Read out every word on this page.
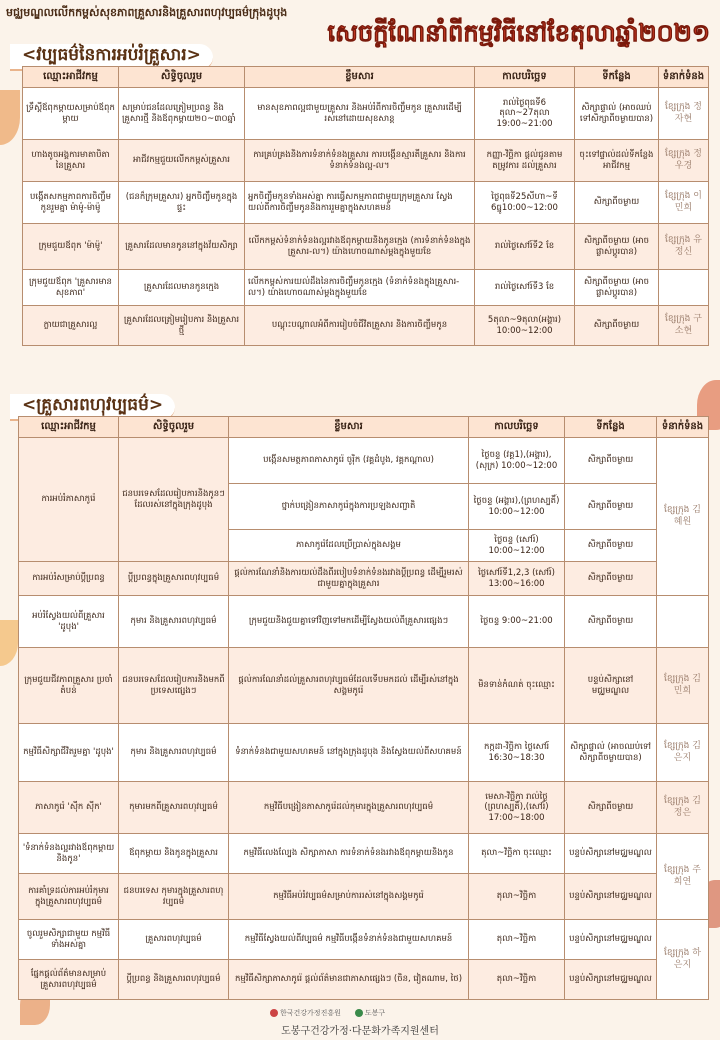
មជ្ឈមណ្ឌលលើកកម្ពស់សុខភាពគ្រួសារនិងគ្រួសារពហុវប្បធម៌ក្រុងដូបុង
សេចក្តីណែនាំពីកម្មវិធីនៅខែតុលាឆ្នាំ២០២១
<វប្បធម៌នៃការអប់រំគ្រួសារ>
ឈ្មោះអាជីវកម្ម	សិទ្ធិចូលរួម	ខ្លឹមសារ	កាលបរិច្ឆេទ	ទីកន្លែង	ទំនាក់ទំនង
ទ្រឹស្តីឪពុកម្តាយសម្រាប់ឪពុកម្តាយ	សម្រាប់ជនដែលត្រៀមប្រពន្ធ និងគ្រួសារថ្មី និងឪពុកម្តាយ២០~៣០ឆ្នាំ	មានសុខភាពល្អជាមួយគ្រួសារ និងអប់រំពីការចិញ្ចឹមកូន គ្រួសារដើម្បីរស់នៅដោយសុខសាន្ត	រាល់ថ្ងៃពុធទី6 តុលា~27តុលា 19:00~21:00	សិក្សាផ្ទាល់ (អាចឈប់ទៅសិក្សាពីចម្ងាយបាន)	ខ្សែក្រុង 정자현
ហាងតូចអង្គការមាតាបិតា នៃគ្រួសារ	អាជីវកម្មជួយលើកកម្ពស់គ្រួសារ	ការគ្រប់គ្រងនិងការទំនាក់ទំនងគ្រួសារ ការបង្កើនស្មារតីគ្រួសារ និងការទំនាក់ទំនងល្អ-ល។	កញ្ញា-វិច្ឆិកា ផ្តល់ជូនតាមតម្រូវការ ដល់គ្រួសារ	ចុះទៅផ្ទាល់ដល់ទីកន្លែងអាជីវកម្ម	ខ្សែក្រុង 정우경
បង្កើតសកម្មភាពការចិញ្ចឹមកូនរួមគ្នា ម៉ាម៉ូ-ម៉ាម៉ូ	(ជនក៏ក្រុមគ្រួសារ) អ្នកចិញ្ចឹមកូនក្នុងផ្ទះ	អ្នកចិញ្ចឹមកូនទាំងអស់គ្នា ការធ្វើសកម្មភាពជាមួយក្រុមគ្រួសារ ស្វែងយល់ពីការចិញ្ចឹមកូននិងការរួមគ្នាក្នុងសហគមន៍	ថ្ងៃពុធទី25សីហា~ទី 6ធ្នូ10:00~12:00	សិក្សាពីចម្ងាយ	ខ្សែក្រុង 이민희
ក្រុមជួយឪពុក 'ម៉ាម៉ូ'	គ្រួសារដែលមានកូននៅក្នុងវ័យសិក្សា	លើកកម្ពស់ទំនាក់ទំនងល្អរវាងឪពុកម្តាយនិងកូនក្មេង (ការទំនាក់ទំនងក្នុងគ្រួសារ-ល។) យ៉ាងហោចណាស់ម្តងក្នុងមួយខែ	រាល់ថ្ងៃសៅរ៍ទី2 ខែ	សិក្សាពីចម្ងាយ (អាចផ្លាស់ប្តូរបាន)	ខ្សែក្រុង 유정신
ក្រុមជួយឪពុក 'គ្រួសារមានសុខភាព'	គ្រួសារដែលមានកូនក្មេង	លើកកម្ពស់ការយល់ដឹងនៃការចិញ្ចឹមកូនក្មេង (ទំនាក់ទំនងក្នុងគ្រួសារ-ល។) យ៉ាងហោចណាស់ម្តងក្នុងមួយខែ	រាល់ថ្ងៃសៅរ៍ទី3 ខែ	សិក្សាពីចម្ងាយ (អាចផ្លាស់ប្តូរបាន)	
ក្លាយជាគ្រួសារល្អ	គ្រួសារដែលត្រៀមរៀបការ និងគ្រួសារថ្មី	បណ្តុះបណ្តាលអំពីការរៀបចំជីវិតគ្រួសារ និងការចិញ្ចឹមកូន	5តុលា~9តុលា(អង្គារ) 10:00~12:00	សិក្សាពីចម្ងាយ	ខ្សែក្រុង 구소현
<គ្រួសារពហុវប្បធម៌>
ឈ្មោះអាជីវកម្ម	សិទ្ធិចូលរួម	ខ្លឹមសារ	កាលបរិច្ឆេទ	ទីកន្លែង	ទំនាក់ទំនង
ការអប់រំភាសាកូរ៉េ	ជនបរទេសដែលរៀបការនិងកូនៗដែលរស់នៅក្នុងក្រុងដូបុង	បង្កើនសមត្ថភាពភាសាកូរ៉េ ចូរ៉ិក (វគ្គដំបូង, វគ្គកណ្តាល)	ថ្ងៃចន្ទ (វគ្គ1),(អង្គារ),(សុក្រ) 10:00~12:00	សិក្សាពីចម្ងាយ	ខ្សែក្រុង 김혜원
		ថ្នាក់បង្រៀនភាសាកូរ៉េក្នុងការប្រឡងសញ្ជាតិ	ថ្ងៃចន្ទ (អង្គារ),(ព្រហស្បតិ៍) 10:00~12:00	សិក្សាពីចម្ងាយ	
		ភាសាកូរ៉េដែលប្រើប្រាស់ក្នុងសង្គម	ថ្ងៃចន្ទ (សៅរ៍) 10:00~12:00	សិក្សាពីចម្ងាយ	
ការអប់រំសម្រាប់ប្តីប្រពន្ធ	ប្តីប្រពន្ធក្នុងគ្រួសារពហុវប្បធម៌	ផ្តល់ការណែនាំនិងការយល់ដឹងពីរបៀបទំនាក់ទំនងរវាងប្តីប្រពន្ធ ដើម្បីរួមរស់ជាមួយគ្នាក្នុងគ្រួសារ	ថ្ងៃសៅរ៍ទី1,2,3 (សៅរ៍) 13:00~16:00	សិក្សាពីចម្ងាយ	
អប់រំស្វែងយល់ពីគ្រួសារ 'ដូបុង'	កុមារ និងគ្រួសារពហុវប្បធម៌	ក្រុមជួយនិងជួយគ្នាទៅវិញទៅមកដើម្បីស្វែងយល់ពីគ្រួសារផ្សេងៗ	ថ្ងៃចន្ទ 9:00~21:00	សិក្សាពីចម្ងាយ	
ក្រុមជួយជីវភាពគ្រួសារ ប្រចាំតំបន់	ជនបរទេសដែលរៀបការនិងមកពីប្រទេសផ្សេងៗ	ផ្តល់ការណែនាំដល់គ្រួសារពហុវប្បធម៌ដែលទើបមកដល់ ដើម្បីរស់នៅក្នុងសង្គមកូរ៉េ	មិនទាន់កំណត់ ចុះឈ្មោះ	បន្ទប់សិក្សានៅ មជ្ឈមណ្ឌល	ខ្សែក្រុង 김민희
កម្មវិធីសិក្សាជីវិតរួមគ្នា 'ដូបុង'	កុមារ និងគ្រួសារពហុវប្បធម៌	ទំនាក់ទំនងជាមួយសហគមន៍ នៅក្នុងក្រុងដូបុង និងស្វែងយល់ពីសហគមន៍	កក្កដា-វិច្ឆិកា ថ្ងៃសៅរ៍ 16:30~18:30	សិក្សាផ្ទាល់ (អាចឈប់ទៅសិក្សាពីចម្ងាយបាន)	ខ្សែក្រុង 김은지
ភាសាកូរ៉េ 'ស៊ីក ស៊ីក'	កុមារមកពីគ្រួសារពហុវប្បធម៌	កម្មវិធីបង្រៀនភាសាកូរ៉េដល់កុមារក្នុងគ្រួសារពហុវប្បធម៌	មេសា-វិច្ឆិកា រាល់ថ្ងៃ (ព្រហស្បតិ៍),(សៅរ៍) 17:00~18:00	សិក្សាពីចម្ងាយ	ខ្សែក្រុង 김정은
'ទំនាក់ទំនងល្អរវាងឪពុកម្តាយ និងកូន'	ឪពុកម្តាយ និងកូនក្នុងគ្រួសារ	កម្មវិធីលេងល្បែង សិក្សាភាសា ការទំនាក់ទំនងរវាងឪពុកម្តាយនិងកូន	តុលា~វិច្ឆិកា ចុះឈ្មោះ	បន្ទប់សិក្សានៅមជ្ឈមណ្ឌល	ខ្សែក្រុង 주희연
ការគាំទ្រដល់ការអប់រំកុមារ ក្នុងគ្រួសារពហុវប្បធម៌	ជនបរទេស កុមារក្នុងគ្រួសារពហុវប្បធម៌	កម្មវិធីអប់រំវប្បធម៌សម្រាប់ការរស់នៅក្នុងសង្គមកូរ៉េ	តុលា~វិច្ឆិកា	បន្ទប់សិក្សានៅមជ្ឈមណ្ឌល	
ចូលរួមសិក្សាជាមួយ កម្មវិធីទាំងអស់គ្នា	គ្រួសារពហុវប្បធម៌	កម្មវិធីស្វែងយល់ពីវប្បធម៌ កម្មវិធីបង្កើនទំនាក់ទំនងជាមួយសហគមន៍	តុលា~វិច្ឆិកា	បន្ទប់សិក្សានៅមជ្ឈមណ្ឌល	ខ្សែក្រុង 하은지
ផ្នែកផ្តល់ព័ត៌មានសម្រាប់ គ្រួសារពហុវប្បធម៌	ប្តីប្រពន្ធ និងគ្រួសារពហុវប្បធម៌	កម្មវិធីសិក្សាភាសាកូរ៉េ ផ្តល់ព័ត៌មានជាភាសាផ្សេងៗ (ចិន, វៀតណាម, ថៃ)	តុលា~វិច្ឆិកា	បន្ទប់សិក្សានៅមជ្ឈមណ្ឌល	
한국건강가정진흥원	도봉구
도봉구건강가정·다문화가족지원센터
